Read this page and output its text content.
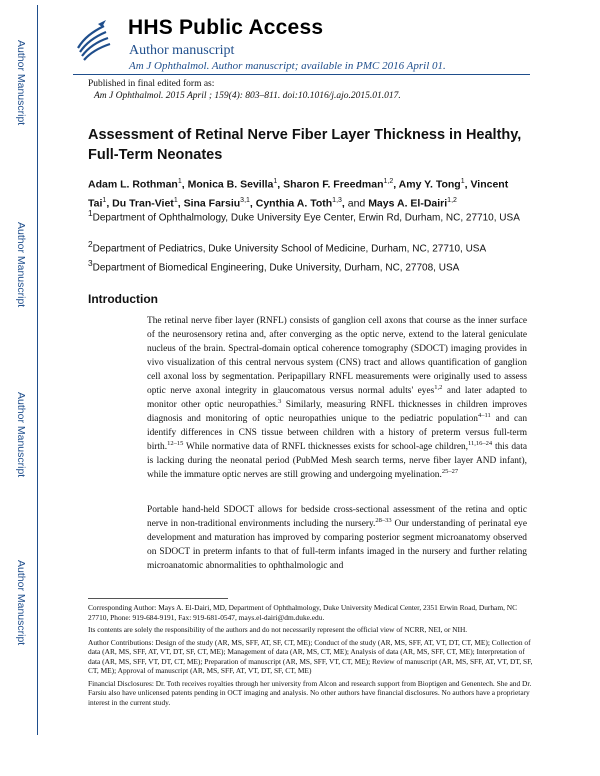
Author Manuscript
Author Manuscript
Author Manuscript
Author Manuscript
HHS Public Access
Author manuscript
Am J Ophthalmol. Author manuscript; available in PMC 2016 April 01.
Published in final edited form as:
Am J Ophthalmol. 2015 April ; 159(4): 803–811. doi:10.1016/j.ajo.2015.01.017.
Assessment of Retinal Nerve Fiber Layer Thickness in Healthy, Full-Term Neonates
Adam L. Rothman$^1$, Monica B. Sevilla$^1$, Sharon F. Freedman$^{1,2}$, Amy Y. Tong$^1$, Vincent Tai$^1$, Du Tran-Viet$^1$, Sina Farsiu$^{3,1}$, Cynthia A. Toth$^{1,3}$, and Mays A. El-Dairi$^{1,2}$
$^1$Department of Ophthalmology, Duke University Eye Center, Erwin Rd, Durham, NC, 27710, USA
$^2$Department of Pediatrics, Duke University School of Medicine, Durham, NC, 27710, USA
$^3$Department of Biomedical Engineering, Duke University, Durham, NC, 27708, USA
Introduction
The retinal nerve fiber layer (RNFL) consists of ganglion cell axons that course as the inner surface of the neurosensory retina and, after converging as the optic nerve, extend to the lateral geniculate nucleus of the brain. Spectral-domain optical coherence tomography (SDOCT) imaging provides in vivo visualization of this central nervous system (CNS) tract and allows quantification of ganglion cell axonal loss by segmentation. Peripapillary RNFL measurements were originally used to assess optic nerve axonal integrity in glaucomatous versus normal adults' eyes$^{1,2}$ and later adapted to monitor other optic neuropathies.$^3$ Similarly, measuring RNFL thicknesses in children improves diagnosis and monitoring of optic neuropathies unique to the pediatric population$^{4-11}$ and can identify differences in CNS tissue between children with a history of preterm versus full-term birth.$^{12-15}$ While normative data of RNFL thicknesses exists for school-age children,$^{11,16-24}$ this data is lacking during the neonatal period (PubMed Mesh search terms, nerve fiber layer AND infant), while the immature optic nerves are still growing and undergoing myelination.$^{25-27}$
Portable hand-held SDOCT allows for bedside cross-sectional assessment of the retina and optic nerve in non-traditional environments including the nursery.$^{28-33}$ Our understanding of perinatal eye development and maturation has improved by comparing posterior segment microanatomy observed on SDOCT in preterm infants to that of full-term infants imaged in the nursery and further relating microanatomic abnormalities to ophthalmologic and

Corresponding Author: Mays A. El-Dairi, MD, Department of Ophthalmology, Duke University Medical Center, 2351 Erwin Road, Durham, NC 27710, Phone: 919-684-9191, Fax: 919-681-0547, mays.el-dairi@dm.duke.edu.

Its contents are solely the responsibility of the authors and do not necessarily represent the official view of NCRR, NEI, or NIH.

Author Contributions: Design of the study (AR, MS, SFF, AT, SF, CT, ME); Conduct of the study (AR, MS, SFF, AT, VT, DT, CT, ME); Collection of data (AR, MS, SFF, AT, VT, DT, SF, CT, ME); Management of data (AR, MS, CT, ME); Analysis of data (AR, MS, SFF, CT, ME); Interpretation of data (AR, MS, SFF, VT, DT, CT, ME); Preparation of manuscript (AR, MS, SFF, VT, CT, ME); Review of manuscript (AR, MS, SFF, AT, VT, DT, SF, CT, ME); Approval of manuscript (AR, MS, SFF, AT, VT, DT, SF, CT, ME)

Financial Disclosures: Dr. Toth receives royalties through her university from Alcon and research support from Bioptigen and Genentech. She and Dr. Farsiu also have unlicensed patents pending in OCT imaging and analysis. No other authors have financial disclosures. No authors have a proprietary interest in the current study.
